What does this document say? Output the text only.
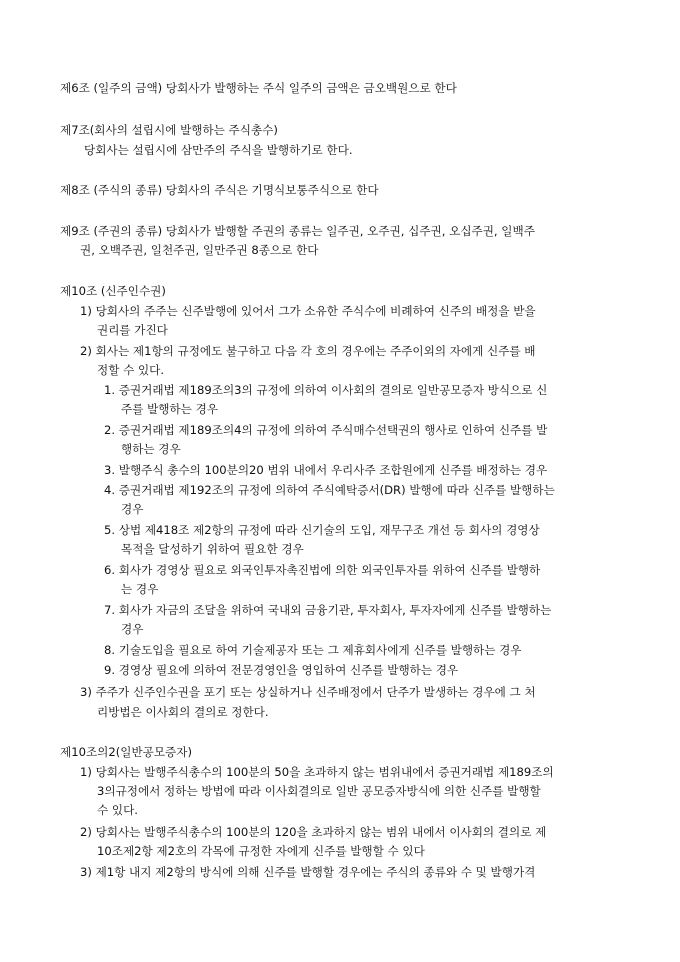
제6조 (일주의 금액) 당회사가 발행하는 주식 일주의 금액은 금오백원으로 한다
제7조(회사의 설립시에 발행하는 주식총수)
당회사는 설립시에 삼만주의 주식을 발행하기로 한다.
제8조 (주식의 종류) 당회사의 주식은 기명식보통주식으로 한다
제9조 (주권의 종류) 당회사가 발행할 주권의 종류는 일주권, 오주권, 십주권, 오십주권, 일백주
권, 오백주권, 일천주권, 일만주권 8종으로 한다
제10조 (신주인수권)
1) 당회사의 주주는 신주발행에 있어서 그가 소유한 주식수에 비례하여 신주의 배정을 받을
권리를 가진다
2) 회사는 제1항의 규정에도 불구하고 다음 각 호의 경우에는 주주이외의 자에게 신주를 배
정할 수 있다.
1. 증권거래법 제189조의3의 규정에 의하여 이사회의 결의로 일반공모증자 방식으로 신
주를 발행하는 경우
2. 증권거래법 제189조의4의 규정에 의하여 주식매수선택권의 행사로 인하여 신주를 발
행하는 경우
3. 발행주식 총수의 100분의20 범위 내에서 우리사주 조합원에게 신주를 배정하는 경우
4. 증권거래법 제192조의 규정에 의하여 주식예탁증서(DR) 발행에 따라 신주를 발행하는
경우
5. 상법 제418조 제2항의 규정에 따라 신기술의 도입, 재무구조 개선 등 회사의 경영상
목적을 달성하기 위하여 필요한 경우
6. 회사가 경영상 필요로 외국인투자촉진법에 의한 외국인투자를 위하여 신주를 발행하
는 경우
7. 회사가 자금의 조달을 위하여 국내외 금융기관, 투자회사, 투자자에게 신주를 발행하는
경우
8. 기술도입을 필요로 하여 기술제공자 또는 그 제휴회사에게 신주를 발행하는 경우
9. 경영상 필요에 의하여 전문경영인을 영입하여 신주를 발행하는 경우
3) 주주가 신주인수권을 포기 또는 상실하거나 신주배정에서 단주가 발생하는 경우에 그 처
리방법은 이사회의 결의로 정한다.
제10조의2(일반공모증자)
1) 당회사는 발행주식총수의 100분의 50을 초과하지 않는 범위내에서 증권거래법 제189조의
3의규정에서 정하는 방법에 따라 이사회결의로 일반 공모증자방식에 의한 신주를 발행할
수 있다.
2) 당회사는 발행주식총수의 100분의 120을 초과하지 않는 범위 내에서 이사회의 결의로 제
10조제2항 제2호의 각목에 규정한 자에게 신주를 발행할 수 있다
3) 제1항 내지 제2항의 방식에 의해 신주를 발행할 경우에는 주식의 종류와 수 및 발행가격
